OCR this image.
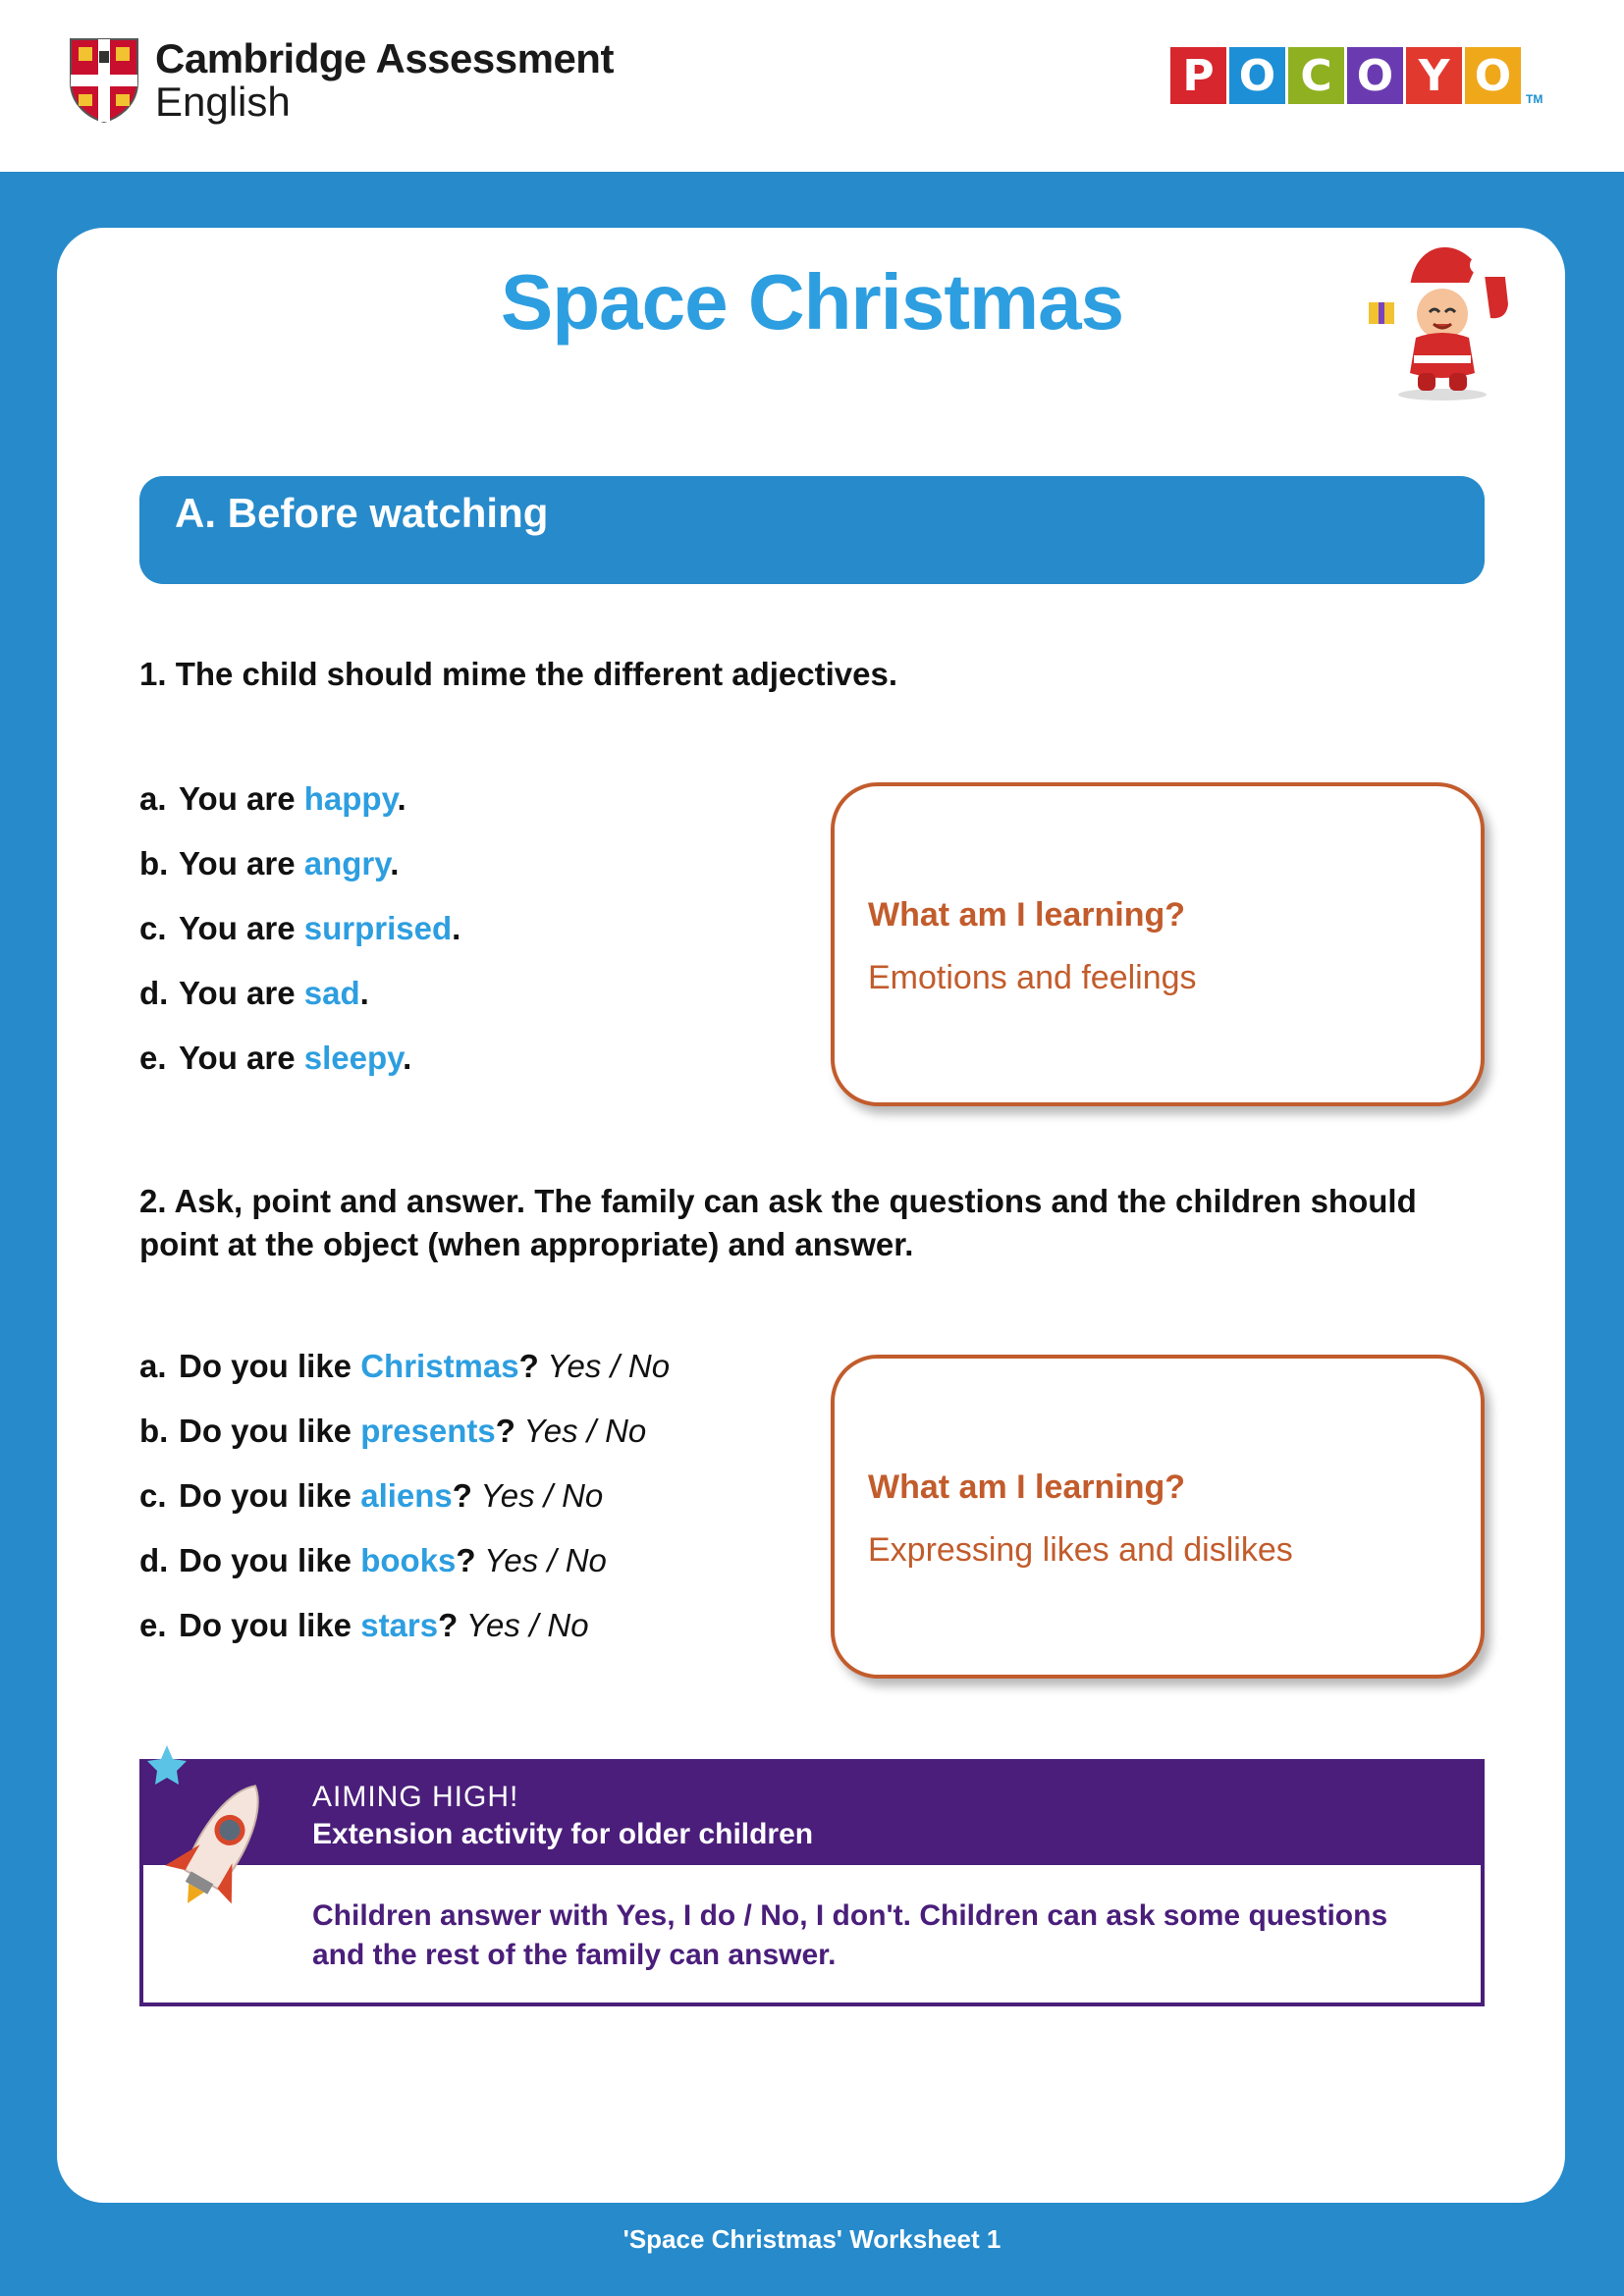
Cambridge Assessment
English
P O C O Y O	TM
Space Christmas
A. Before watching
1. The child should mime the different adjectives.
a. You are happy.
b. You are angry.
c. You are surprised.
d. You are sad.
e. You are sleepy.
What am I learning?
Emotions and feelings
2. Ask, point and answer. The family can ask the questions and the children should point at the object (when appropriate) and answer.
a. Do you like Christmas? Yes / No
b. Do you like presents? Yes / No
c. Do you like aliens? Yes / No
d. Do you like books? Yes / No
e. Do you like stars? Yes / No
What am I learning?
Expressing likes and dislikes
AIMING HIGH!
Extension activity for older children
Children answer with Yes, I do / No, I don't. Children can ask some questions and the rest of the family can answer.
'Space Christmas' Worksheet 1
